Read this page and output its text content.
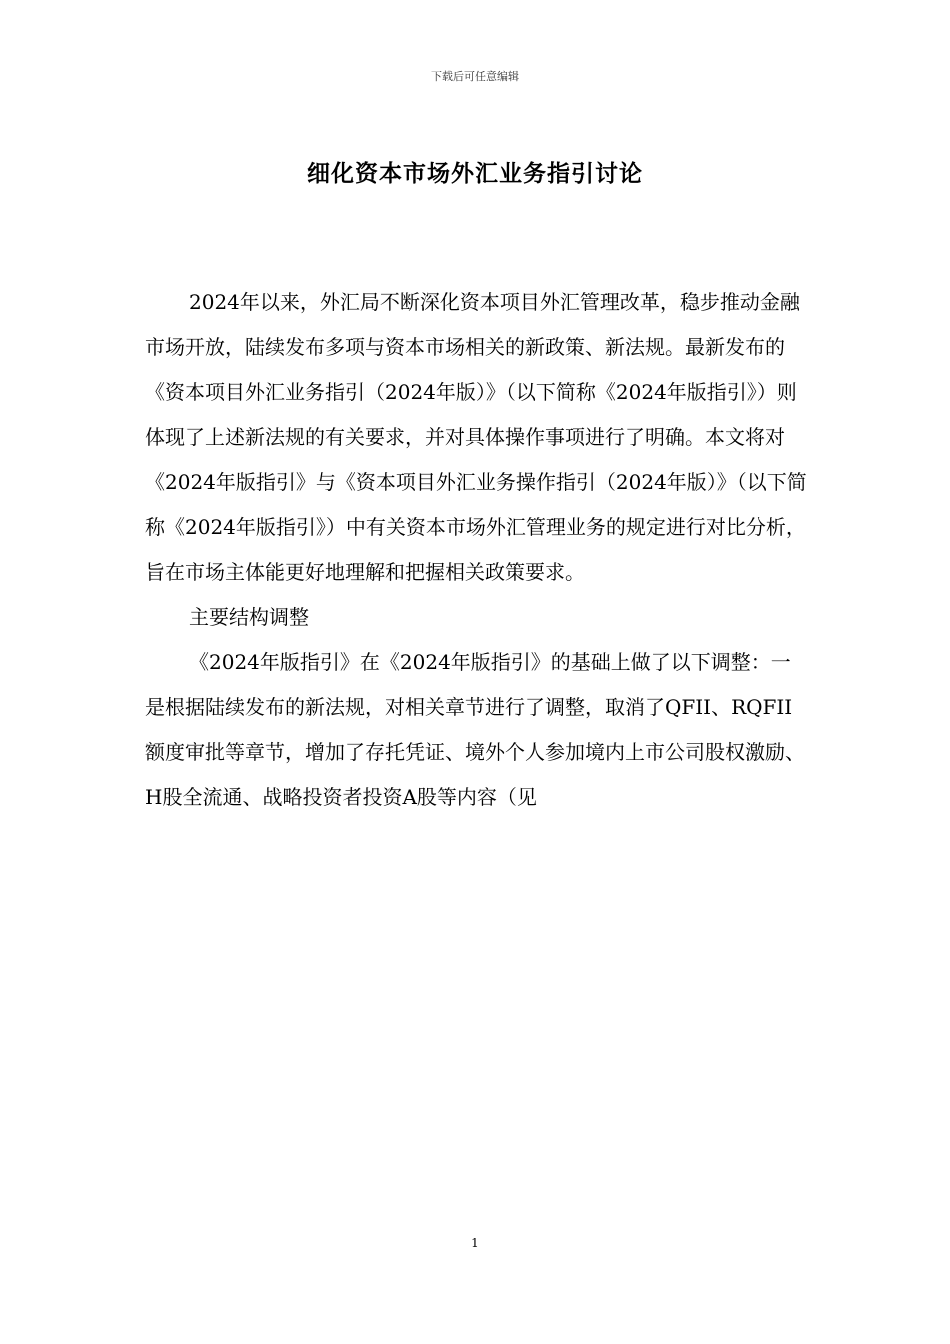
下载后可任意编辑
细化资本市场外汇业务指引讨论

2024年以来，外汇局不断深化资本项目外汇管理改革，稳步推动金融市场开放，陆续发布多项与资本市场相关的新政策、新法规。最新发布的《资本项目外汇业务指引（2024年版）》（以下简称《2024年版指引》）则体现了上述新法规的有关要求，并对具体操作事项进行了明确。本文将对《2024年版指引》与《资本项目外汇业务操作指引（2024年版）》（以下简称《2024年版指引》）中有关资本市场外汇管理业务的规定进行对比分析，旨在市场主体能更好地理解和把握相关政策要求。

主要结构调整

《2024年版指引》在《2024年版指引》的基础上做了以下调整：一是根据陆续发布的新法规，对相关章节进行了调整，取消了QFII、RQFII额度审批等章节，增加了存托凭证、境外个人参加境内上市公司股权激励、H股全流通、战略投资者投资A股等内容（见

1
